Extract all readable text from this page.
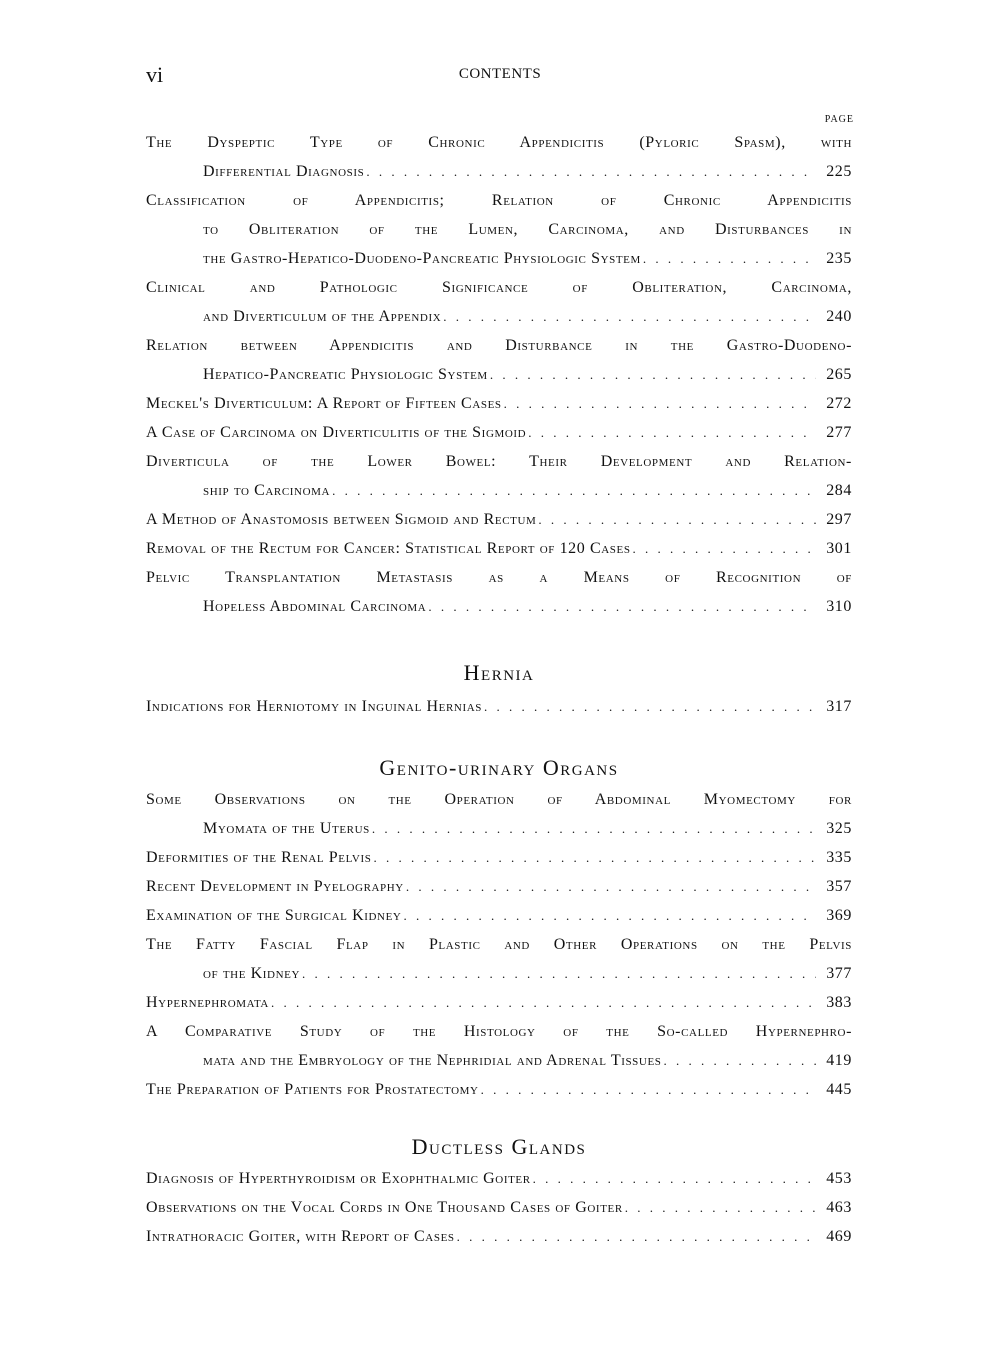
vi	CONTENTS
PAGE
The Dyspeptic Type of Chronic Appendicitis (Pyloric Spasm), with
Differential Diagnosis . . .	225
Classification of Appendicitis; Relation of Chronic Appendicitis
to Obliteration of the Lumen, Carcinoma, and Disturbances in
the Gastro-Hepatico-Duodeno-Pancreatic Physiologic System . . .	235
Clinical and Pathologic Significance of Obliteration, Carcinoma,
and Diverticulum of the Appendix . . .	240
Relation between Appendicitis and Disturbance in the Gastro-Duodeno-
Hepatico-Pancreatic Physiologic System . . .	265
Meckel's Diverticulum: A Report of Fifteen Cases . . .	272
A Case of Carcinoma on Diverticulitis of the Sigmoid . . .	277
Diverticula of the Lower Bowel: Their Development and Relation-
ship to Carcinoma . . .	284
A Method of Anastomosis between Sigmoid and Rectum . . .	297
Removal of the Rectum for Cancer: Statistical Report of 120 Cases . . .	301
Pelvic Transplantation Metastasis as a Means of Recognition of
Hopeless Abdominal Carcinoma . . .	310
Hernia
Indications for Herniotomy in Inguinal Hernias . . .	317
Genito-urinary Organs
Some Observations on the Operation of Abdominal Myomectomy for
Myomata of the Uterus . . .	325
Deformities of the Renal Pelvis . . .	335
Recent Development in Pyelography . . .	357
Examination of the Surgical Kidney . . .	369
The Fatty Fascial Flap in Plastic and Other Operations on the Pelvis
of the Kidney . . .	377
Hypernephromata . . .	383
A Comparative Study of the Histology of the So-called Hypernephro-
mata and the Embryology of the Nephridial and Adrenal Tissues . . .	419
The Preparation of Patients for Prostatectomy . . .	445
Ductless Glands
Diagnosis of Hyperthyroidism or Exophthalmic Goiter . . .	453
Observations on the Vocal Cords in One Thousand Cases of Goiter . . .	463
Intrathoracic Goiter, with Report of Cases . . .	469
